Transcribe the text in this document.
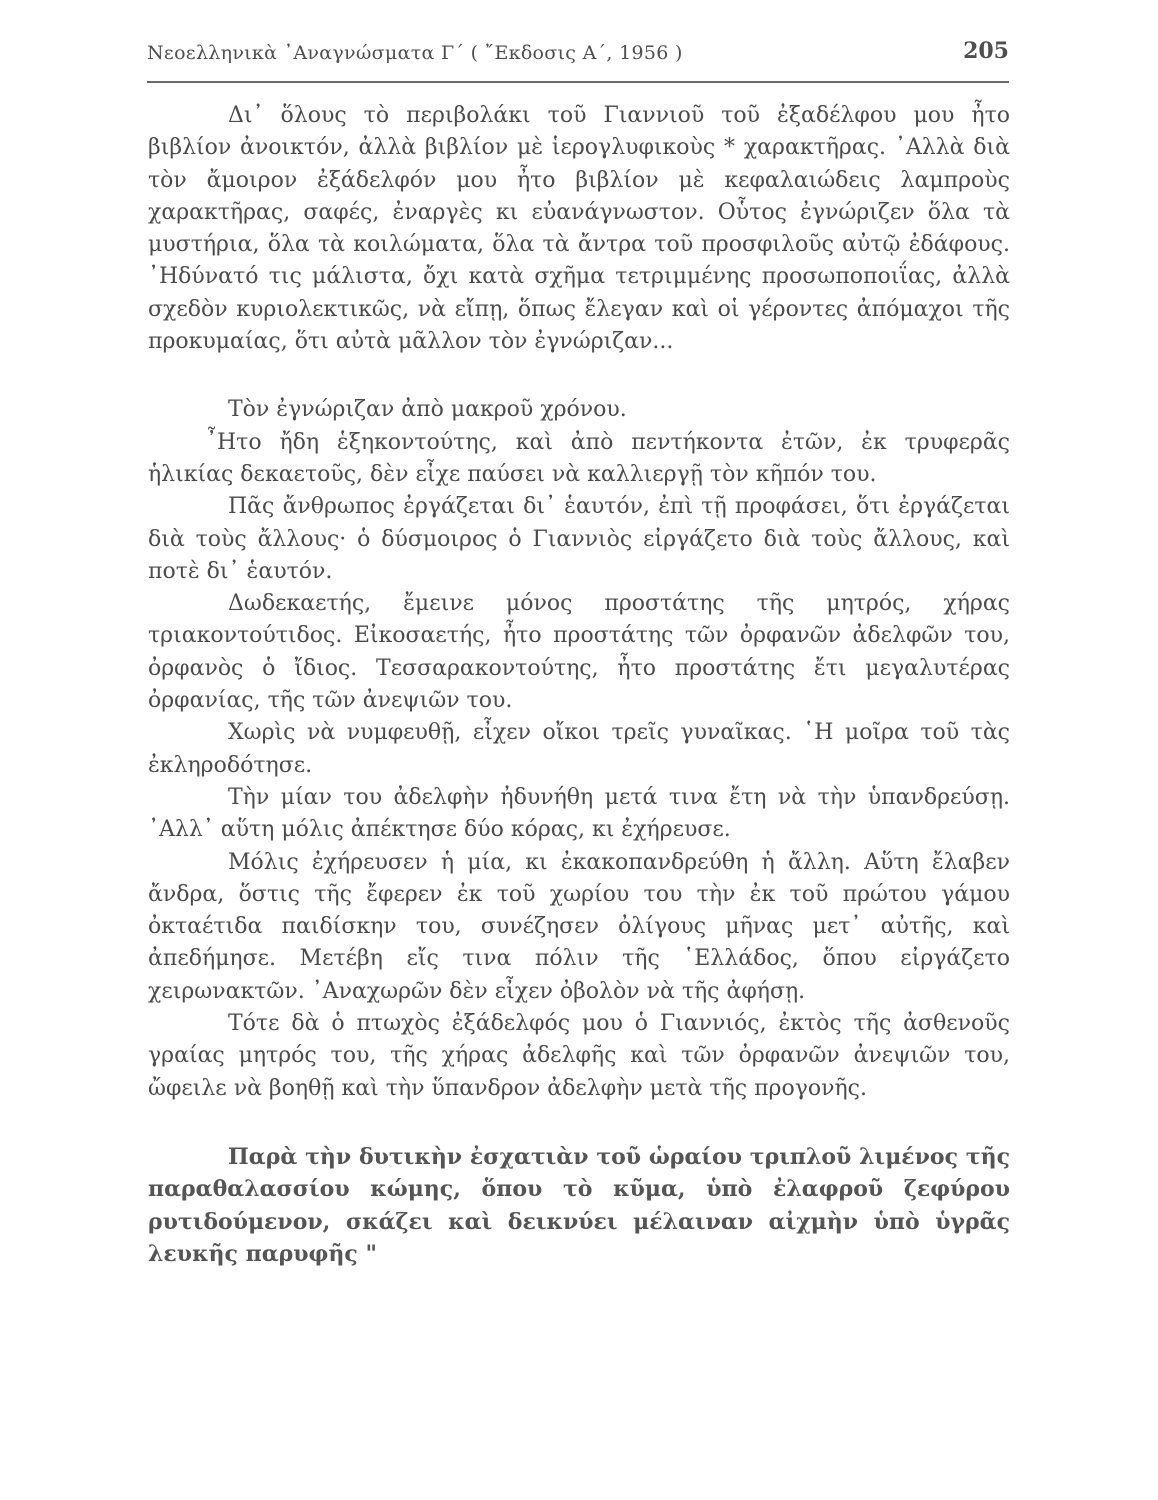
Νεοελληνικὰ ᾿Αναγνώσματα Γ΄ ( ῎Εκδοσις Α΄, 1956 )	205

Δι᾿ ὅλους τὸ περιβολάκι τοῦ Γιαννιοῦ τοῦ ἐξαδέλφου μου ἦτο βιβλίον ἀνοικτόν, ἀλλὰ βιβλίον μὲ ἱερογλυφικοὺς * χαρακτῆρας. ᾿Αλλὰ διὰ τὸν ἄμοιρον ἐξάδελφόν μου ἦτο βιβλίον μὲ κεφαλαιώδεις λαμπροὺς χαρακτῆρας, σαφές, ἐναργὲς κι εὐανάγνωστον. Οὗτος ἐγνώριζεν ὅλα τὰ μυστήρια, ὅλα τὰ κοιλώματα, ὅλα τὰ ἄντρα τοῦ προσφιλοῦς αὐτῷ ἐδάφους. ᾿Ηδύνατό τις μάλιστα, ὄχι κατὰ σχῆμα τετριμμένης προσωποποιΐας, ἀλλὰ σχεδὸν κυριολεκτικῶς, νὰ εἴπῃ, ὅπως ἔλεγαν καὶ οἱ γέροντες ἀπόμαχοι τῆς προκυμαίας, ὅτι αὐτὰ μᾶλλον τὸν ἐγνώριζαν...

Τὸν ἐγνώριζαν ἀπὸ μακροῦ χρόνου.

῏Ητο ἤδη ἑξηκοντούτης, καὶ ἀπὸ πεντήκοντα ἐτῶν, ἐκ τρυφερᾶς ἡλικίας δεκαετοῦς, δὲν εἶχε παύσει νὰ καλλιεργῇ τὸν κῆπόν του.

Πᾶς ἄνθρωπος ἐργάζεται δι᾿ ἑαυτόν, ἐπὶ τῇ προφάσει, ὅτι ἐργάζεται διὰ τοὺς ἄλλους· ὁ δύσμοιρος ὁ Γιαννιὸς εἰργάζετο διὰ τοὺς ἄλλους, καὶ ποτὲ δι᾿ ἑαυτόν.

Δωδεκαετής, ἔμεινε μόνος προστάτης τῆς μητρός, χήρας τριακοντούτιδος. Εἰκοσαετής, ἦτο προστάτης τῶν ὀρφανῶν ἀδελφῶν του, ὀρφανὸς ὁ ἴδιος. Τεσσαρακοντούτης, ἦτο προστάτης ἔτι μεγαλυτέρας ὀρφανίας, τῆς τῶν ἀνεψιῶν του.

Χωρὶς νὰ νυμφευθῇ, εἶχεν οἴκοι τρεῖς γυναῖκας. ῾Η μοῖρα τοῦ τὰς ἐκληροδότησε.

Τὴν μίαν του ἀδελφὴν ἠδυνήθη μετά τινα ἔτη νὰ τὴν ὑπανδρεύσῃ. ᾿Αλλ᾿ αὕτη μόλις ἀπέκτησε δύο κόρας, κι ἐχήρευσε.

Μόλις ἐχήρευσεν ἡ μία, κι ἐκακοπανδρεύθη ἡ ἄλλη. Αὕτη ἔλαβεν ἄνδρα, ὅστις τῆς ἔφερεν ἐκ τοῦ χωρίου του τὴν ἐκ τοῦ πρώτου γάμου ὀκταέτιδα παιδίσκην του, συνέζησεν ὀλίγους μῆνας μετ᾿ αὐτῆς, καὶ ἀπεδήμησε. Μετέβη εἴς τινα πόλιν τῆς ῾Ελλάδος, ὅπου εἰργάζετο χειρωνακτῶν. ᾿Αναχωρῶν δὲν εἶχεν ὀβολὸν νὰ τῆς ἀφήσῃ.

Τότε δὰ ὁ πτωχὸς ἐξάδελφός μου ὁ Γιαννιός, ἐκτὸς τῆς ἀσθενοῦς γραίας μητρός του, τῆς χήρας ἀδελφῆς καὶ τῶν ὀρφανῶν ἀνεψιῶν του, ὤφειλε νὰ βοηθῇ καὶ τὴν ὕπανδρον ἀδελφὴν μετὰ τῆς προγονῆς.

Παρὰ τὴν δυτικὴν ἐσχατιὰν τοῦ ὡραίου τριπλοῦ λιμένος τῆς παραθαλασσίου κώμης, ὅπου τὸ κῦμα, ὑπὸ ἐλαφροῦ ζεφύρου ρυτιδούμενον, σκάζει καὶ δεικνύει μέλαιναν αἰχμὴν ὑπὸ ὑγρᾶς λευκῆς παρυφῆς "
